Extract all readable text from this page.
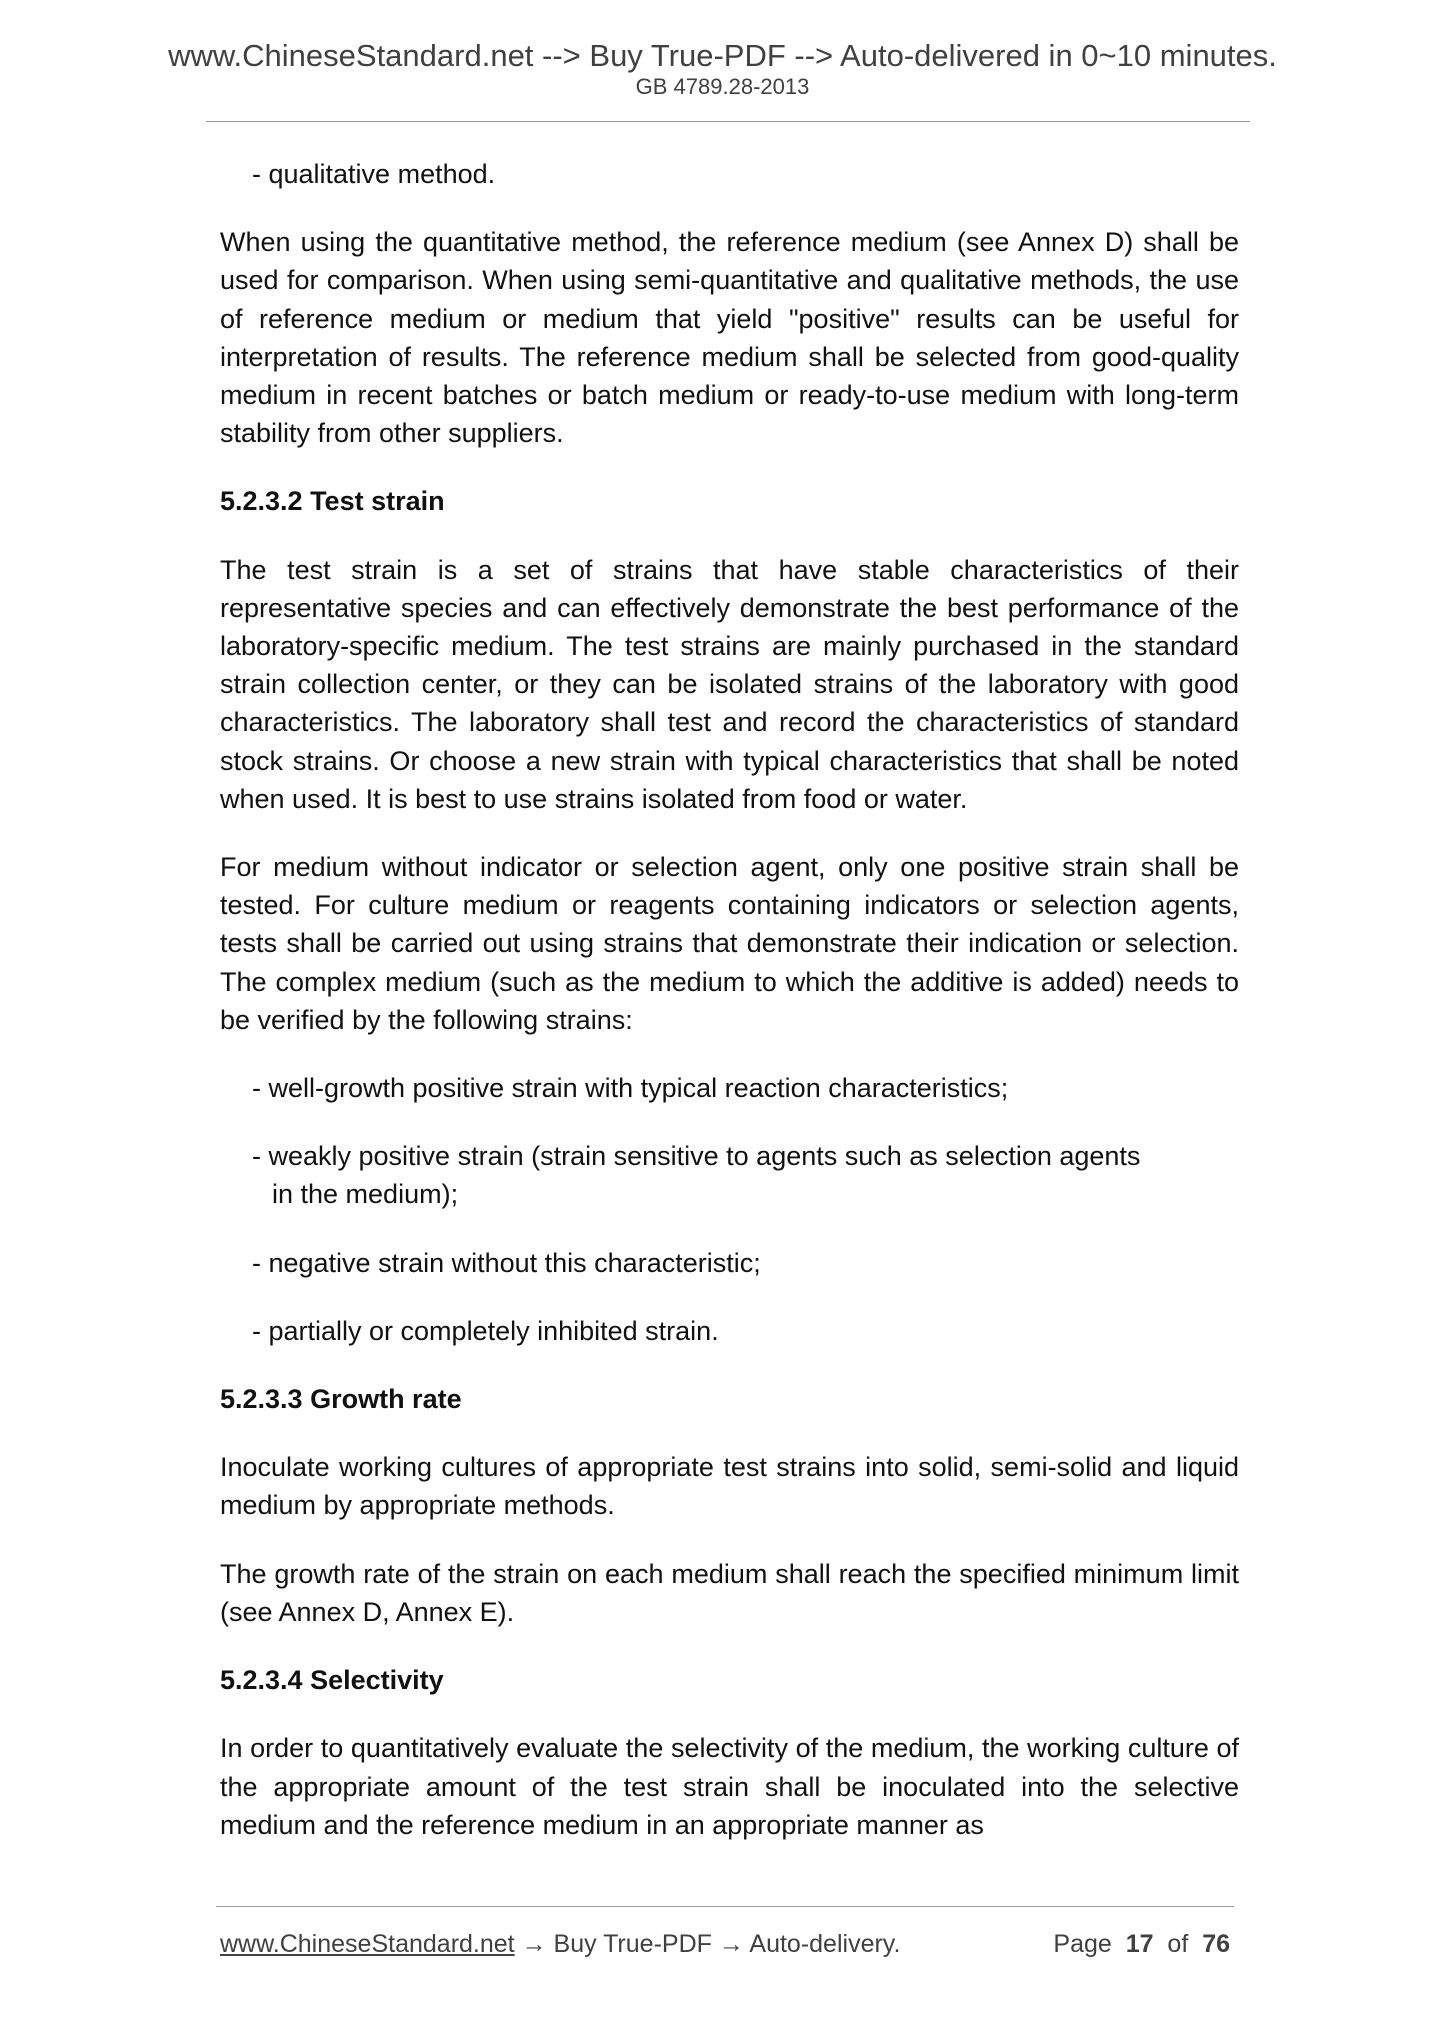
www.ChineseStandard.net --> Buy True-PDF --> Auto-delivered in 0~10 minutes.
GB 4789.28-2013
- qualitative method.
When using the quantitative method, the reference medium (see Annex D) shall be used for comparison. When using semi-quantitative and qualitative methods, the use of reference medium or medium that yield "positive" results can be useful for interpretation of results. The reference medium shall be selected from good-quality medium in recent batches or batch medium or ready-to-use medium with long-term stability from other suppliers.
5.2.3.2 Test strain
The test strain is a set of strains that have stable characteristics of their representative species and can effectively demonstrate the best performance of the laboratory-specific medium. The test strains are mainly purchased in the standard strain collection center, or they can be isolated strains of the laboratory with good characteristics. The laboratory shall test and record the characteristics of standard stock strains. Or choose a new strain with typical characteristics that shall be noted when used. It is best to use strains isolated from food or water.
For medium without indicator or selection agent, only one positive strain shall be tested. For culture medium or reagents containing indicators or selection agents, tests shall be carried out using strains that demonstrate their indication or selection. The complex medium (such as the medium to which the additive is added) needs to be verified by the following strains:
- well-growth positive strain with typical reaction characteristics;
- weakly positive strain (strain sensitive to agents such as selection agents
in the medium);
- negative strain without this characteristic;
- partially or completely inhibited strain.
5.2.3.3 Growth rate
Inoculate working cultures of appropriate test strains into solid, semi-solid and liquid medium by appropriate methods.
The growth rate of the strain on each medium shall reach the specified minimum limit (see Annex D, Annex E).
5.2.3.4 Selectivity
In order to quantitatively evaluate the selectivity of the medium, the working culture of the appropriate amount of the test strain shall be inoculated into the selective medium and the reference medium in an appropriate manner as
www.ChineseStandard.net → Buy True-PDF → Auto-delivery.	Page 17 of 76
